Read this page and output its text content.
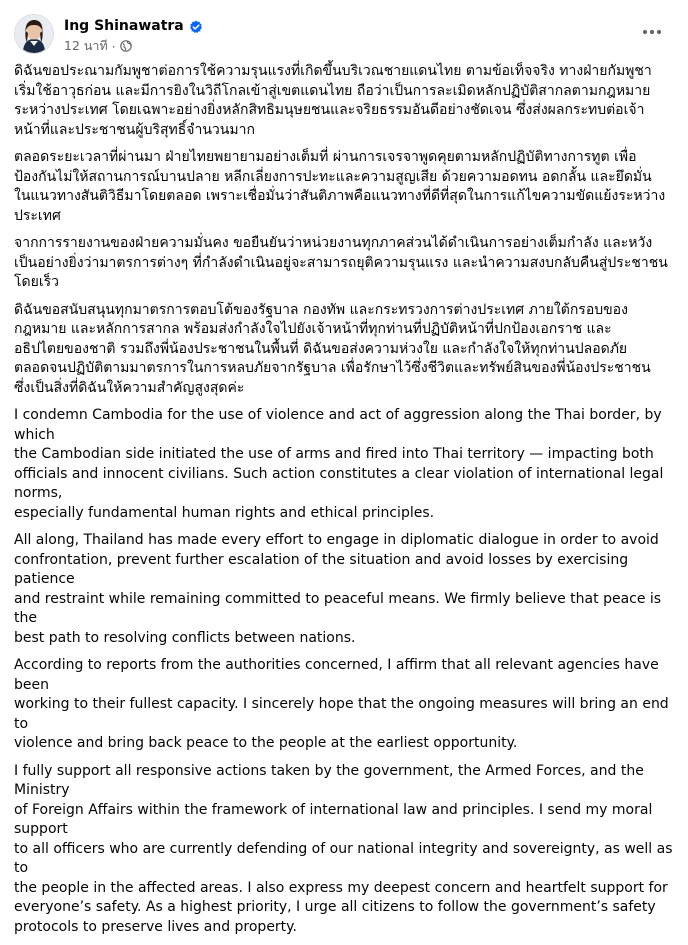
Ing Shinawatra
12 นาที ·

ดิฉันขอประณามกัมพูชาต่อการใช้ความรุนแรงที่เกิดขึ้นบริเวณชายแดนไทย ตามข้อเท็จจริง ทางฝ่ายกัมพูชา
เริ่มใช้อาวุธก่อน และมีการยิงในวิถีโกลเข้าสู่เขตแดนไทย ถือว่าเป็นการละเมิดหลักปฏิบัติสากลตามกฎหมาย
ระหว่างประเทศ โดยเฉพาะอย่างยิ่งหลักสิทธิมนุษยชนและจริยธรรมอันดีอย่างชัดเจน ซึ่งส่งผลกระทบต่อเจ้า
หน้าที่และประชาชนผู้บริสุทธิ์จำนวนมาก

ตลอดระยะเวลาที่ผ่านมา ฝ่ายไทยพยายามอย่างเต็มที่ ผ่านการเจรจาพูดคุยตามหลักปฏิบัติทางการทูต เพื่อ
ป้องกันไม่ให้สถานการณ์บานปลาย หลีกเลี่ยงการปะทะและความสูญเสีย ด้วยความอดทน อดกลั้น และยึดมั่น
ในแนวทางสันติวิธีมาโดยตลอด เพราะเชื่อมั่นว่าสันติภาพคือแนวทางที่ดีที่สุดในการแก้ไขความขัดแย้งระหว่าง
ประเทศ

จากการรายงานของฝ่ายความมั่นคง ขอยืนยันว่าหน่วยงานทุกภาคส่วนได้ดำเนินการอย่างเต็มกำลัง และหวัง
เป็นอย่างยิ่งว่ามาตรการต่างๆ ที่กำลังดำเนินอยู่จะสามารถยุติความรุนแรง และนำความสงบกลับคืนสู่ประชาชน
โดยเร็ว

ดิฉันขอสนับสนุนทุกมาตรการตอบโต้ของรัฐบาล กองทัพ และกระทรวงการต่างประเทศ ภายใต้กรอบของ
กฎหมาย และหลักการสากล พร้อมส่งกำลังใจไปยังเจ้าหน้าที่ทุกท่านที่ปฏิบัติหน้าที่ปกป้องเอกราช และ
อธิปไตยของชาติ รวมถึงพี่น้องประชาชนในพื้นที่ ดิฉันขอส่งความห่วงใย และกำลังใจให้ทุกท่านปลอดภัย
ตลอดจนปฏิบัติตามมาตรการในการหลบภัยจากรัฐบาล เพื่อรักษาไว้ซึ่งชีวิตและทรัพย์สินของพี่น้องประชาชน
ซึ่งเป็นสิ่งที่ดิฉันให้ความสำคัญสูงสุดค่ะ

I condemn Cambodia for the use of violence and act of aggression along the Thai border, by which
the Cambodian side initiated the use of arms and fired into Thai territory — impacting both
officials and innocent civilians. Such action constitutes a clear violation of international legal norms,
especially fundamental human rights and ethical principles.

All along, Thailand has made every effort to engage in diplomatic dialogue in order to avoid
confrontation, prevent further escalation of the situation and avoid losses by exercising patience
and restraint while remaining committed to peaceful means. We firmly believe that peace is the
best path to resolving conflicts between nations.

According to reports from the authorities concerned, I affirm that all relevant agencies have been
working to their fullest capacity. I sincerely hope that the ongoing measures will bring an end to
violence and bring back peace to the people at the earliest opportunity.

I fully support all responsive actions taken by the government, the Armed Forces, and the Ministry
of Foreign Affairs within the framework of international law and principles. I send my moral support
to all officers who are currently defending of our national integrity and sovereignty, as well as to
the people in the affected areas. I also express my deepest concern and heartfelt support for
everyone’s safety. As a highest priority, I urge all citizens to follow the government’s safety
protocols to preserve lives and property.
